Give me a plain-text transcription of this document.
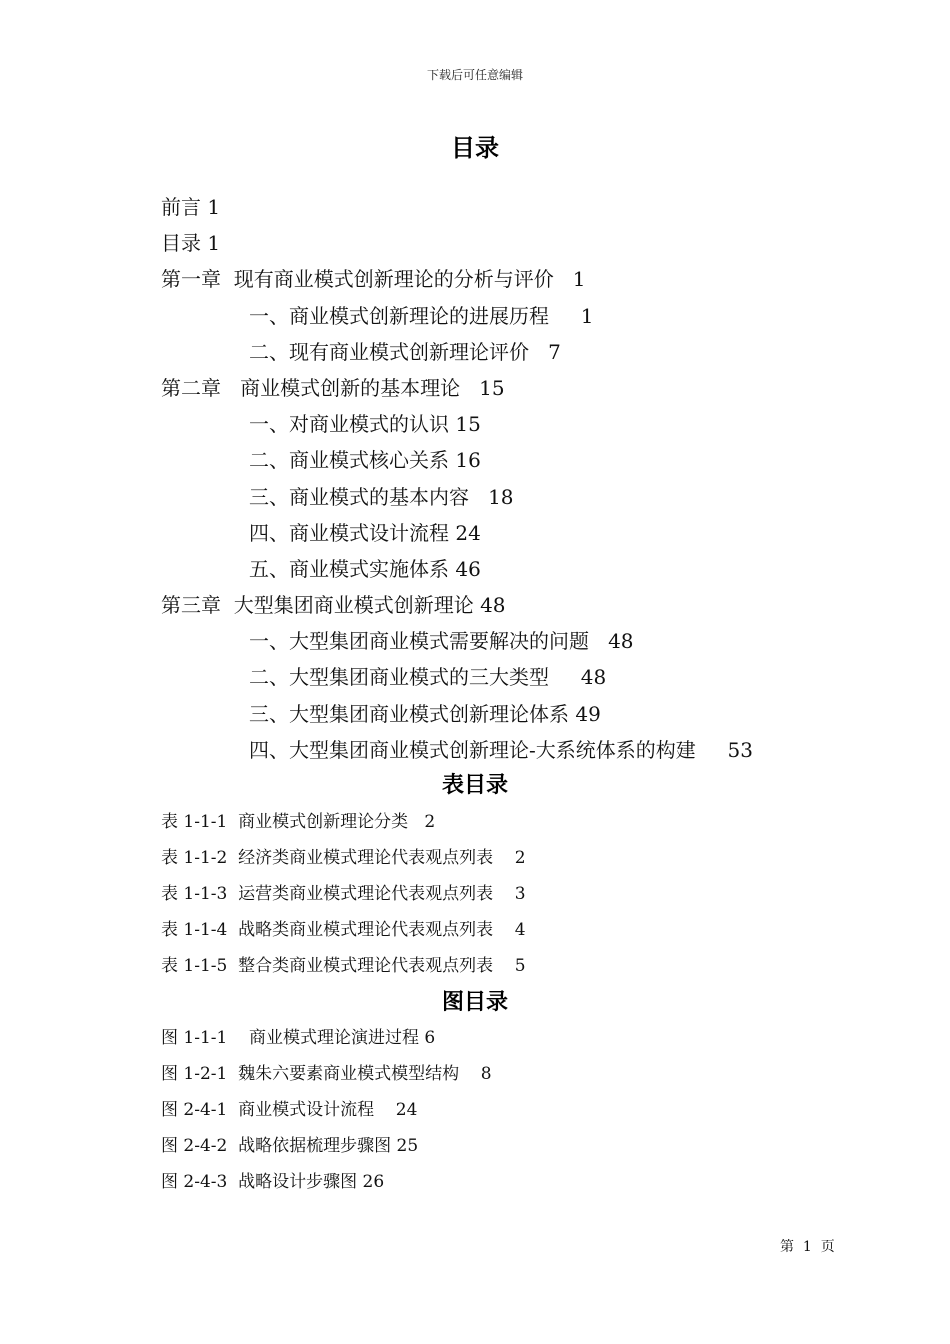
下载后可任意编辑
目录
前言 1
目录 1
第一章  现有商业模式创新理论的分析与评价   1
一、商业模式创新理论的进展历程     1
二、现有商业模式创新理论评价   7
第二章   商业模式创新的基本理论   15
一、对商业模式的认识 15
二、商业模式核心关系 16
三、商业模式的基本内容   18
四、商业模式设计流程 24
五、商业模式实施体系 46
第三章  大型集团商业模式创新理论 48
一、大型集团商业模式需要解决的问题   48
二、大型集团商业模式的三大类型     48
三、大型集团商业模式创新理论体系 49
四、大型集团商业模式创新理论-大系统体系的构建     53
表目录
表 1-1-1  商业模式创新理论分类   2
表 1-1-2  经济类商业模式理论代表观点列表    2
表 1-1-3  运营类商业模式理论代表观点列表    3
表 1-1-4  战略类商业模式理论代表观点列表    4
表 1-1-5  整合类商业模式理论代表观点列表    5
图目录
图 1-1-1    商业模式理论演进过程 6
图 1-2-1  魏朱六要素商业模式模型结构    8
图 2-4-1  商业模式设计流程    24
图 2-4-2  战略依据梳理步骤图 25
图 2-4-3  战略设计步骤图 26
第  1  页
